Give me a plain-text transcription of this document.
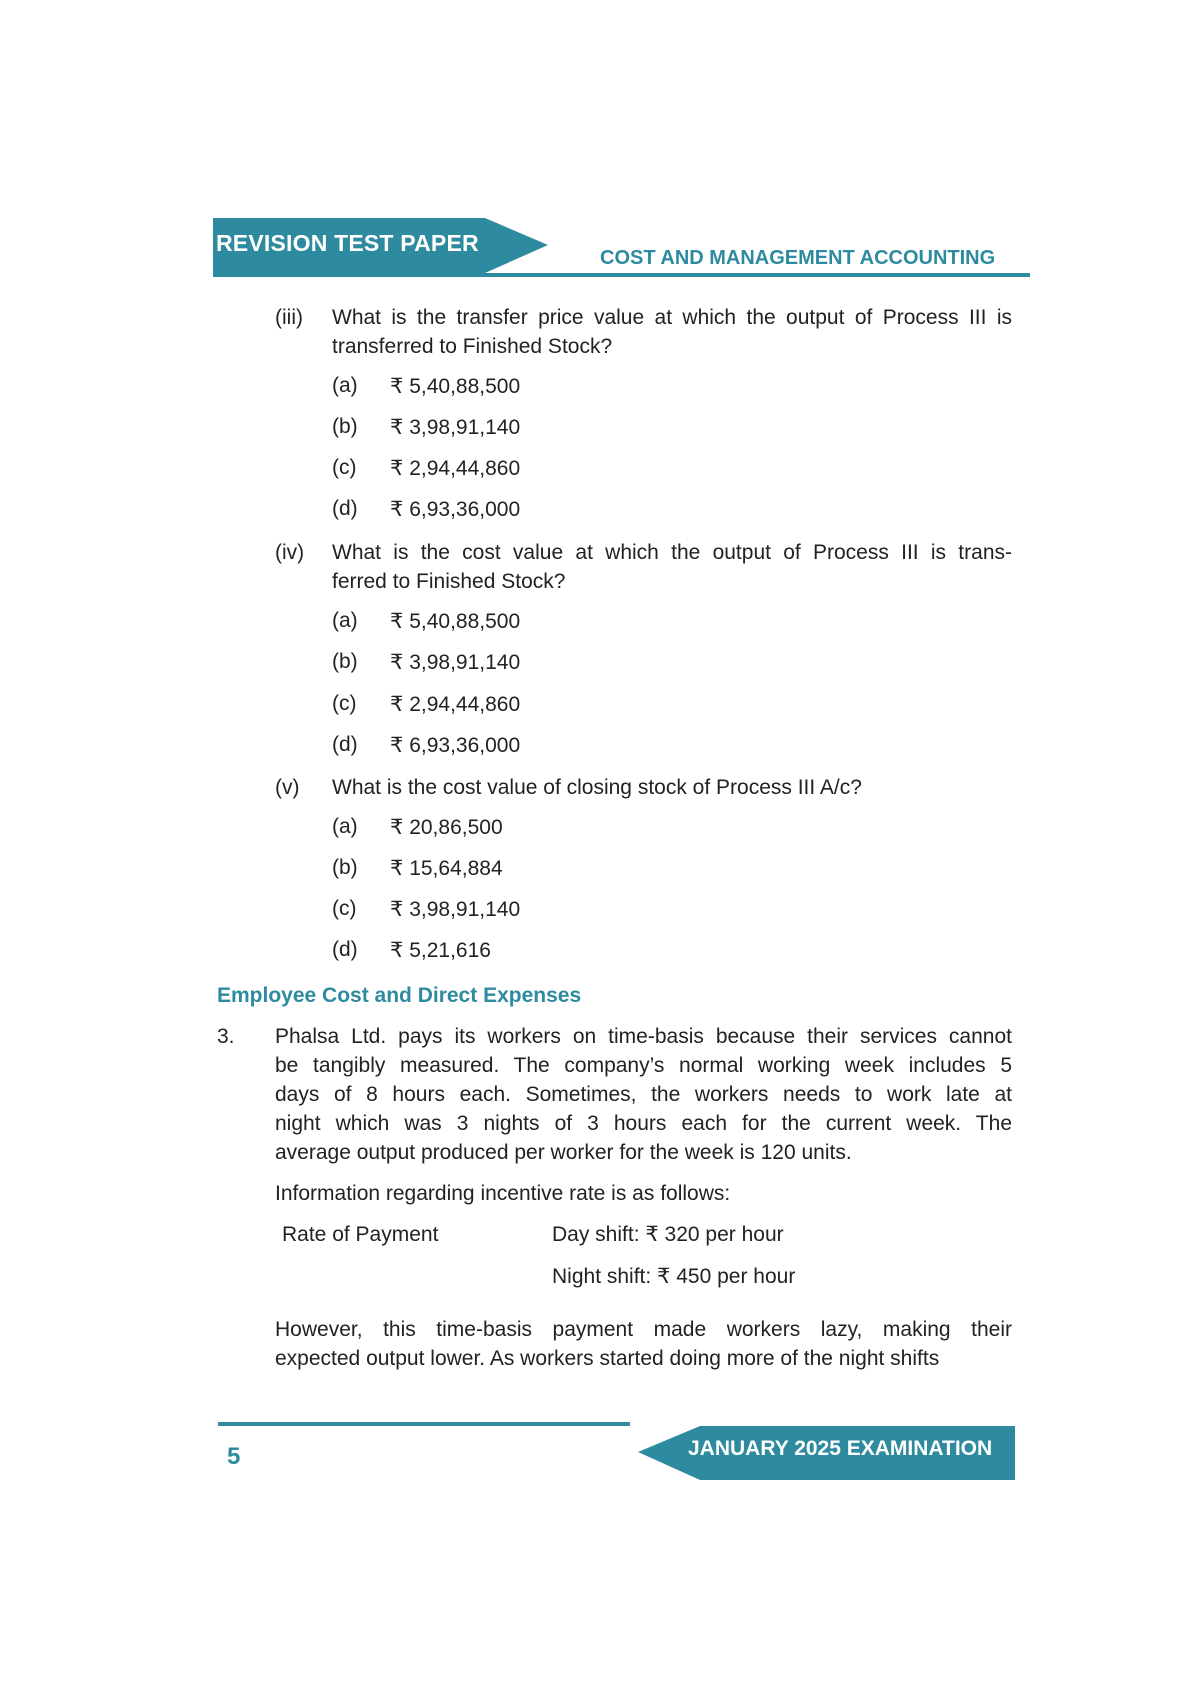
REVISION TEST PAPER
COST AND MANAGEMENT ACCOUNTING
(iii) What is the transfer price value at which the output of Process III is
transferred to Finished Stock?
(a) ₹ 5,40,88,500
(b) ₹ 3,98,91,140
(c) ₹ 2,94,44,860
(d) ₹ 6,93,36,000
(iv) What is the cost value at which the output of Process III is trans-
ferred to Finished Stock?
(a) ₹ 5,40,88,500
(b) ₹ 3,98,91,140
(c) ₹ 2,94,44,860
(d) ₹ 6,93,36,000
(v) What is the cost value of closing stock of Process III A/c?
(a) ₹ 20,86,500
(b) ₹ 15,64,884
(c) ₹ 3,98,91,140
(d) ₹ 5,21,616
Employee Cost and Direct Expenses
3. Phalsa Ltd. pays its workers on time-basis because their services cannot
be tangibly measured. The company’s normal working week includes 5
days of 8 hours each. Sometimes, the workers needs to work late at
night which was 3 nights of 3 hours each for the current week. The
average output produced per worker for the week is 120 units.
Information regarding incentive rate is as follows:
Rate of Payment	Day shift: ₹ 320 per hour
Night shift: ₹ 450 per hour
However, this time-basis payment made workers lazy, making their
expected output lower. As workers started doing more of the night shifts
JANUARY 2025 EXAMINATION
5
